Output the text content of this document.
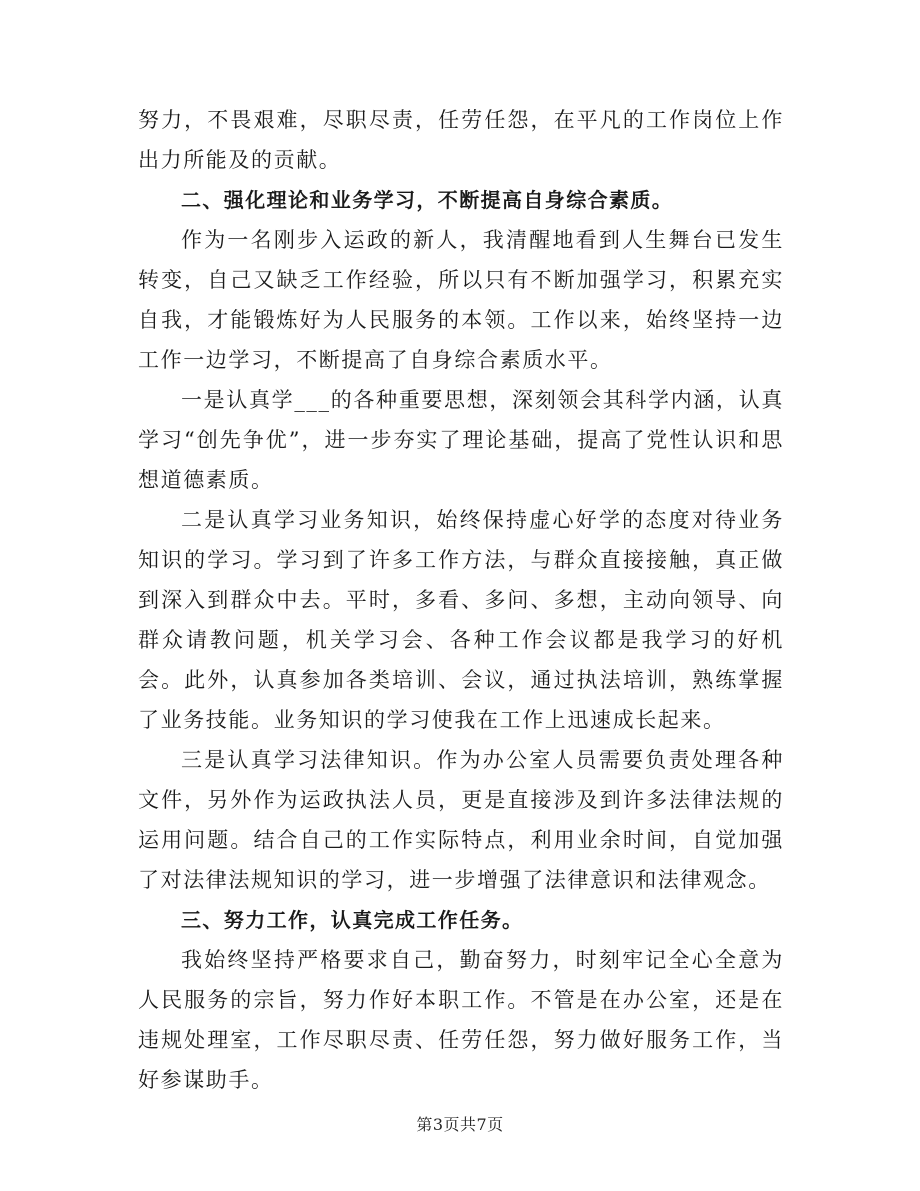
努力，不畏艰难，尽职尽责，任劳任怨，在平凡的工作岗位上作出力所能及的贡献。

二、强化理论和业务学习，不断提高自身综合素质。

作为一名刚步入运政的新人，我清醒地看到人生舞台已发生转变，自己又缺乏工作经验，所以只有不断加强学习，积累充实自我，才能锻炼好为人民服务的本领。工作以来，始终坚持一边工作一边学习，不断提高了自身综合素质水平。

一是认真学___的各种重要思想，深刻领会其科学内涵，认真学习“创先争优”，进一步夯实了理论基础，提高了党性认识和思想道德素质。

二是认真学习业务知识，始终保持虚心好学的态度对待业务知识的学习。学习到了许多工作方法，与群众直接接触，真正做到深入到群众中去。平时，多看、多问、多想，主动向领导、向群众请教问题，机关学习会、各种工作会议都是我学习的好机会。此外，认真参加各类培训、会议，通过执法培训，熟练掌握了业务技能。业务知识的学习使我在工作上迅速成长起来。

三是认真学习法律知识。作为办公室人员需要负责处理各种文件，另外作为运政执法人员，更是直接涉及到许多法律法规的运用问题。结合自己的工作实际特点，利用业余时间，自觉加强了对法律法规知识的学习，进一步增强了法律意识和法律观念。

三、努力工作，认真完成工作任务。

我始终坚持严格要求自己，勤奋努力，时刻牢记全心全意为人民服务的宗旨，努力作好本职工作。不管是在办公室，还是在违规处理室，工作尽职尽责、任劳任怨，努力做好服务工作，当好参谋助手。

第3页共7页
